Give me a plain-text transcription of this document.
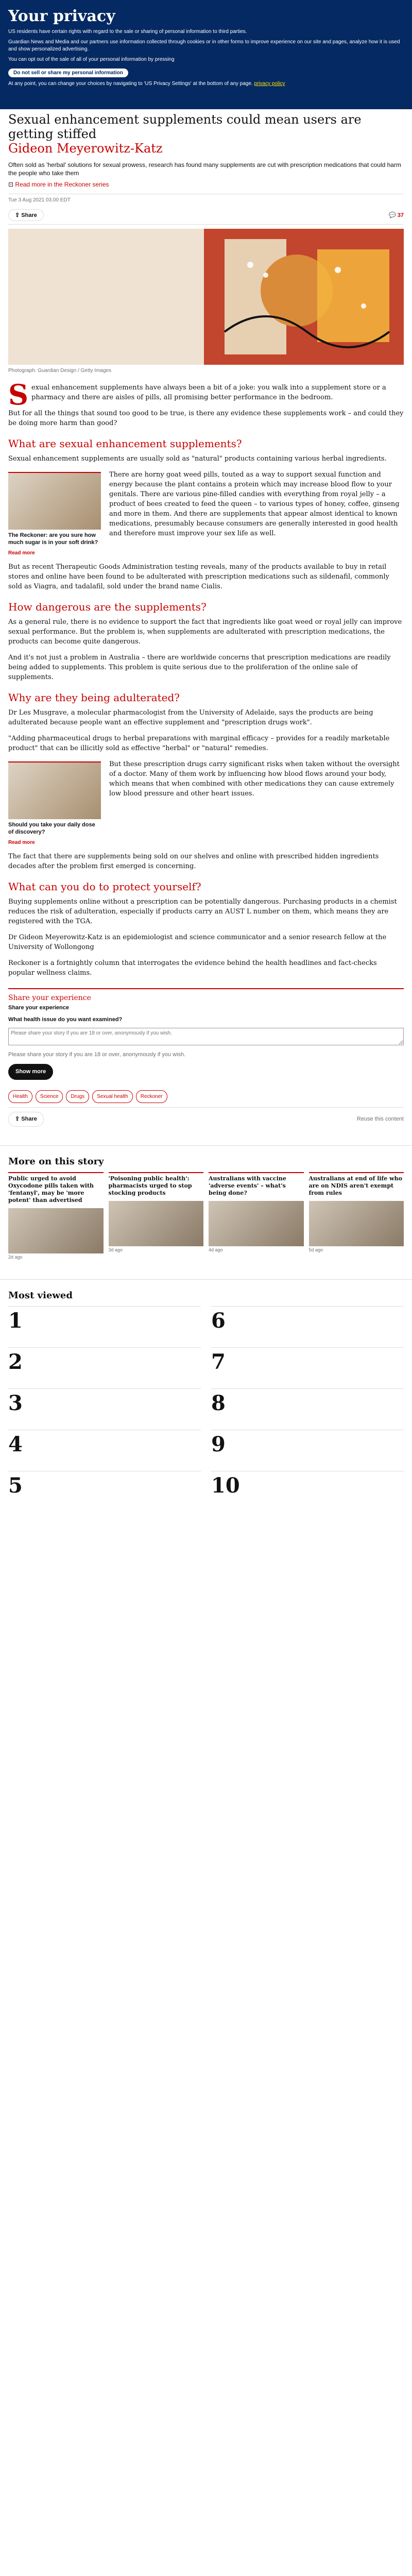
Your privacy

US residents have certain rights with regard to the sale or sharing of personal information to third parties.

Guardian News and Media and our partners use information collected through cookies or in other forms to improve experience on our site and pages, analyze how it is used and show personalized advertising.

You can opt out of the sale of all of your personal information by pressing

Do not sell or share my personal information

At any point, you can change your choices by navigating to 'US Privacy Settings' at the bottom of any page. privacy policy

Sexual enhancement supplements could mean users are getting stiffed
Gideon Meyerowitz-Katz

Often sold as 'herbal' solutions for sexual prowess, research has found many supplements are cut with prescription medications that could harm the people who take them

⊡ Read more in the Reckoner series

Tue 3 Aug 2021 03.00 EDT
⇪ Share	💬 37
Photograph: Guardian Design / Getty Images

Sexual enhancement supplements have always been a bit of a joke: you walk into a supplement store or a pharmacy and there are aisles of pills, all promising better performance in the bedroom.

But for all the things that sound too good to be true, is there any evidence these supplements work – and could they be doing more harm than good?

What are sexual enhancement supplements?

Sexual enhancement supplements are usually sold as "natural" products containing various herbal ingredients.

The Reckoner: are you sure how much sugar is in your soft drink?
Read more

There are horny goat weed pills, touted as a way to support sexual function and energy because the plant contains a protein which may increase blood flow to your genitals. There are various pine-filled candies with everything from royal jelly – a product of bees created to feed the queen – to various types of honey, coffee, ginseng and more in them. And there are supplements that appear almost identical to known medications, presumably because consumers are generally interested in good health and therefore must improve your sex life as well.

But as recent Therapeutic Goods Administration testing reveals, many of the products available to buy in retail stores and online have been found to be adulterated with prescription medications such as sildenafil, commonly sold as Viagra, and tadalafil, sold under the brand name Cialis.

How dangerous are the supplements?

As a general rule, there is no evidence to support the fact that ingredients like goat weed or royal jelly can improve sexual performance. But the problem is, when supplements are adulterated with prescription medications, the products can become quite dangerous.

And it's not just a problem in Australia – there are worldwide concerns that prescription medications are readily being added to supplements. This problem is quite serious due to the proliferation of the online sale of supplements.

Why are they being adulterated?

Dr Les Musgrave, a molecular pharmacologist from the University of Adelaide, says the products are being adulterated because people want an effective supplement and "prescription drugs work".

"Adding pharmaceutical drugs to herbal preparations with marginal efficacy – provides for a readily marketable product" that can be illicitly sold as effective "herbal" or "natural" remedies.

Should you take your daily dose of discovery?
Read more

But these prescription drugs carry significant risks when taken without the oversight of a doctor. Many of them work by influencing how blood flows around your body, which means that when combined with other medications they can cause extremely low blood pressure and other heart issues.

The fact that there are supplements being sold on our shelves and online with prescribed hidden ingredients decades after the problem first emerged is concerning.

What can you do to protect yourself?

Buying supplements online without a prescription can be potentially dangerous. Purchasing products in a chemist reduces the risk of adulteration, especially if products carry an AUST L number on them, which means they are registered with the TGA.

Dr Gideon Meyerowitz-Katz is an epidemiologist and science communicator and a senior research fellow at the University of Wollongong

Reckoner is a fortnightly column that interrogates the evidence behind the health headlines and fact-checks popular wellness claims.

Share your experience
Share your experience
What health issue do you want examined?
Please share your story if you are 18 or over, anonymously if you wish.
Please share your story if you are 18 or over, anonymously if you wish.
Show more
Health	Science	Drugs	Sexual health	Reckoner
⇪ Share	Reuse this content
More on this story
Public urged to avoid Oxycodone pills taken with 'fentanyl', may be 'more potent' than advertised
2d ago
'Poisoning public health': pharmacists urged to stop stocking products
3d ago
Australians with vaccine 'adverse events' – what's being done?
4d ago
Australians at end of life who are on NDIS aren't exempt from rules
5d ago
Most viewed
1	6
2	7
3	8
4	9
5	10
